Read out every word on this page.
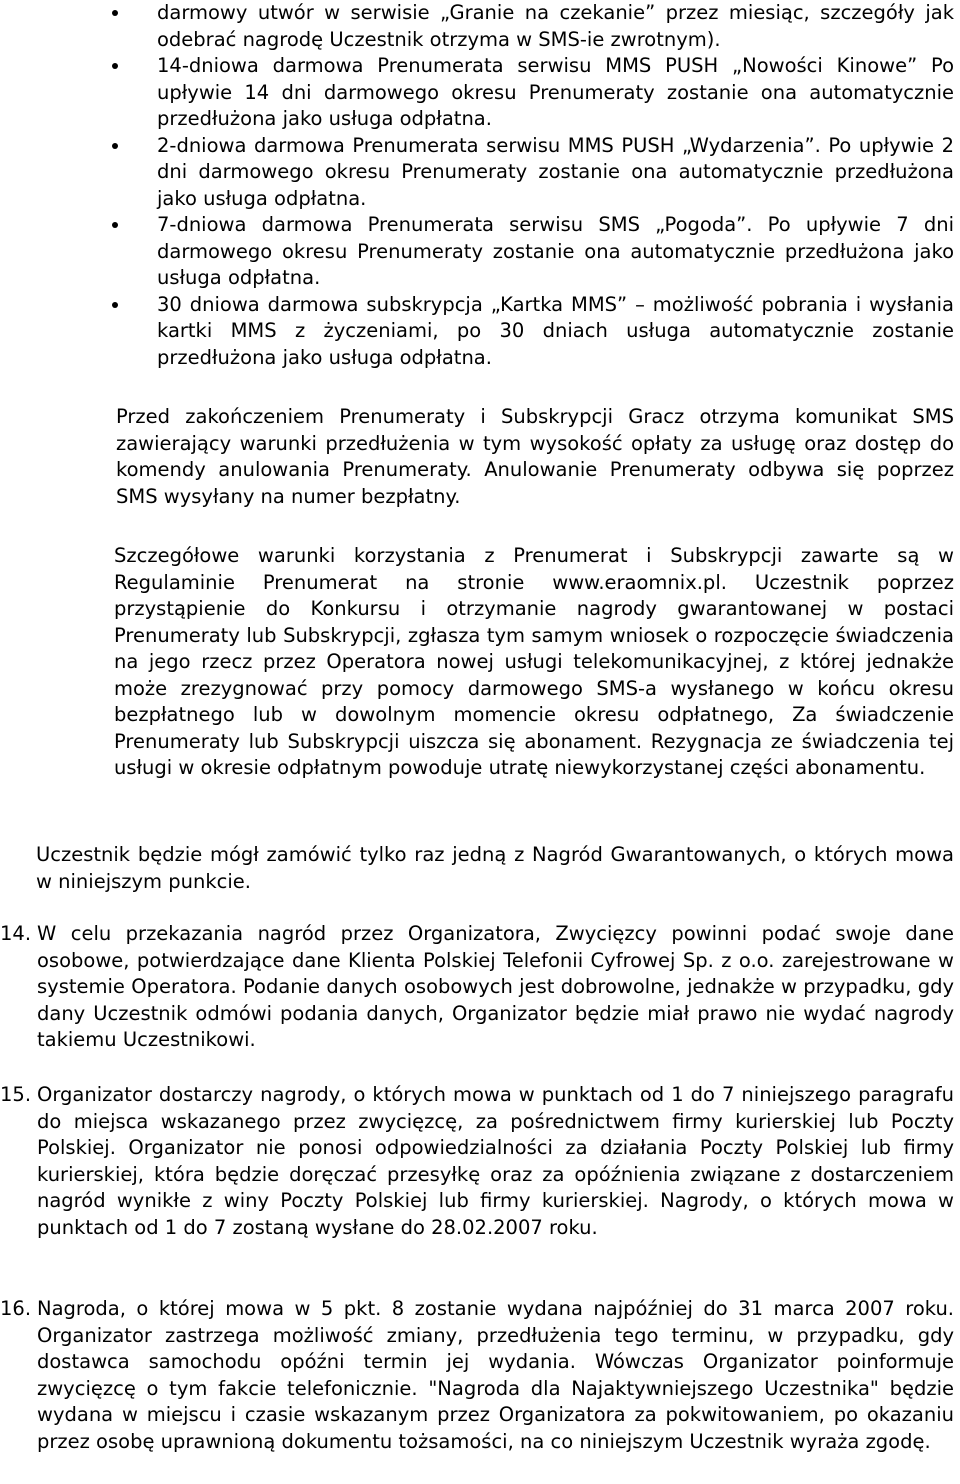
darmowy utwór w serwisie „Granie na czekanie” przez miesiąc, szczegóły jak odebrać nagrodę Uczestnik otrzyma w SMS-ie zwrotnym).
14-dniowa darmowa Prenumerata serwisu MMS PUSH „Nowości Kinowe” Po upływie 14 dni darmowego okresu Prenumeraty zostanie ona automatycznie przedłużona jako usługa odpłatna.
2-dniowa darmowa Prenumerata serwisu MMS PUSH „Wydarzenia”. Po upływie 2 dni darmowego okresu Prenumeraty zostanie ona automatycznie przedłużona jako usługa odpłatna.
7-dniowa darmowa Prenumerata serwisu SMS „Pogoda”. Po upływie 7 dni darmowego okresu Prenumeraty zostanie ona automatycznie przedłużona jako usługa odpłatna.
30 dniowa darmowa subskrypcja „Kartka MMS” – możliwość pobrania i wysłania kartki MMS z życzeniami, po 30 dniach usługa automatycznie zostanie przedłużona jako usługa odpłatna.
Przed zakończeniem Prenumeraty i Subskrypcji Gracz otrzyma komunikat SMS zawierający warunki przedłużenia w tym wysokość opłaty za usługę oraz dostęp do komendy anulowania Prenumeraty. Anulowanie Prenumeraty odbywa się poprzez SMS wysyłany na numer bezpłatny.
Szczegółowe warunki korzystania z Prenumerat i Subskrypcji zawarte są w Regulaminie Prenumerat na stronie www.eraomnix.pl. Uczestnik poprzez przystąpienie do Konkursu i otrzymanie nagrody gwarantowanej w postaci Prenumeraty lub Subskrypcji, zgłasza tym samym wniosek o rozpoczęcie świadczenia na jego rzecz przez Operatora nowej usługi telekomunikacyjnej, z której jednakże może zrezygnować przy pomocy darmowego SMS-a wysłanego w końcu okresu bezpłatnego lub w dowolnym momencie okresu odpłatnego, Za świadczenie Prenumeraty lub Subskrypcji uiszcza się abonament. Rezygnacja ze świadczenia tej usługi w okresie odpłatnym powoduje utratę niewykorzystanej części abonamentu.
Uczestnik będzie mógł zamówić tylko raz jedną z Nagród Gwarantowanych, o których mowa w niniejszym punkcie.
14. W celu przekazania nagród przez Organizatora, Zwycięzcy powinni podać swoje dane osobowe, potwierdzające dane Klienta Polskiej Telefonii Cyfrowej Sp. z o.o. zarejestrowane w systemie Operatora. Podanie danych osobowych jest dobrowolne, jednakże w przypadku, gdy dany Uczestnik odmówi podania danych, Organizator będzie miał prawo nie wydać nagrody takiemu Uczestnikowi.
15. Organizator dostarczy nagrody, o których mowa w punktach od 1 do 7 niniejszego paragrafu do miejsca wskazanego przez zwycięzcę, za pośrednictwem firmy kurierskiej lub Poczty Polskiej. Organizator nie ponosi odpowiedzialności za działania Poczty Polskiej lub firmy kurierskiej, która będzie doręczać przesyłkę oraz za opóźnienia związane z dostarczeniem nagród wynikłe z winy Poczty Polskiej lub firmy kurierskiej. Nagrody, o których mowa w punktach od 1 do 7 zostaną wysłane do 28.02.2007 roku.
16. Nagroda, o której mowa w 5 pkt. 8 zostanie wydana najpóźniej do 31 marca 2007 roku. Organizator zastrzega możliwość zmiany, przedłużenia tego terminu, w przypadku, gdy dostawca samochodu opóźni termin jej wydania. Wówczas Organizator poinformuje zwycięzcę o tym fakcie telefonicznie. "Nagroda dla Najaktywniejszego Uczestnika" będzie wydana w miejscu i czasie wskazanym przez Organizatora za pokwitowaniem, po okazaniu przez osobę uprawnioną dokumentu tożsamości, na co niniejszym Uczestnik wyraża zgodę.
